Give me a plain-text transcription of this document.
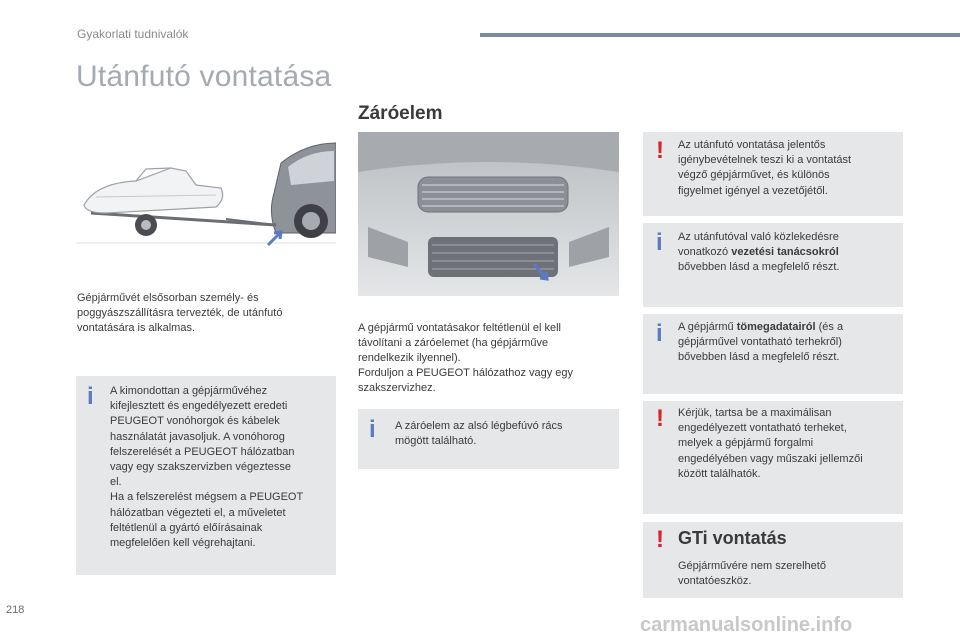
Gyakorlati tudnivalók
Utánfutó vontatása
Gépjárművét elsősorban személy- és
poggyászszállításra tervezték, de utánfutó
vontatására is alkalmas.
i A kimondottan a gépjárművéhez
kifejlesztett és engedélyezett eredeti
PEUGEOT vonóhorgok és kábelek
használatát javasoljuk. A vonóhorog
felszerelését a PEUGEOT hálózatban
vagy egy szakszervizben végeztesse
el.
Ha a felszerelést mégsem a PEUGEOT
hálózatban végezteti el, a műveletet
feltétlenül a gyártó előírásainak
megfelelően kell végrehajtani.
Záróelem
A gépjármű vontatásakor feltétlenül el kell
távolítani a záróelemet (ha gépjárműve
rendelkezik ilyennel).
Forduljon a PEUGEOT hálózathoz vagy egy
szakszervizhez.
i A záróelem az alsó légbefúvó rács
mögött található.
! Az utánfutó vontatása jelentős
igénybevételnek teszi ki a vontatást
végző gépjárművet, és különös
figyelmet igényel a vezetőjétől.
i Az utánfutóval való közlekedésre
vonatkozó vezetési tanácsokról
bővebben lásd a megfelelő részt.
i A gépjármű tömegadatairól (és a
gépjárművel vontatható terhekről)
bővebben lásd a megfelelő részt.
! Kérjük, tartsa be a maximálisan
engedélyezett vontatható terheket,
melyek a gépjármű forgalmi
engedélyében vagy műszaki jellemzői
között találhatók.
! GTi vontatás
Gépjárművére nem szerelhető
vontatóeszköz.
218
carmanualsonline.info
